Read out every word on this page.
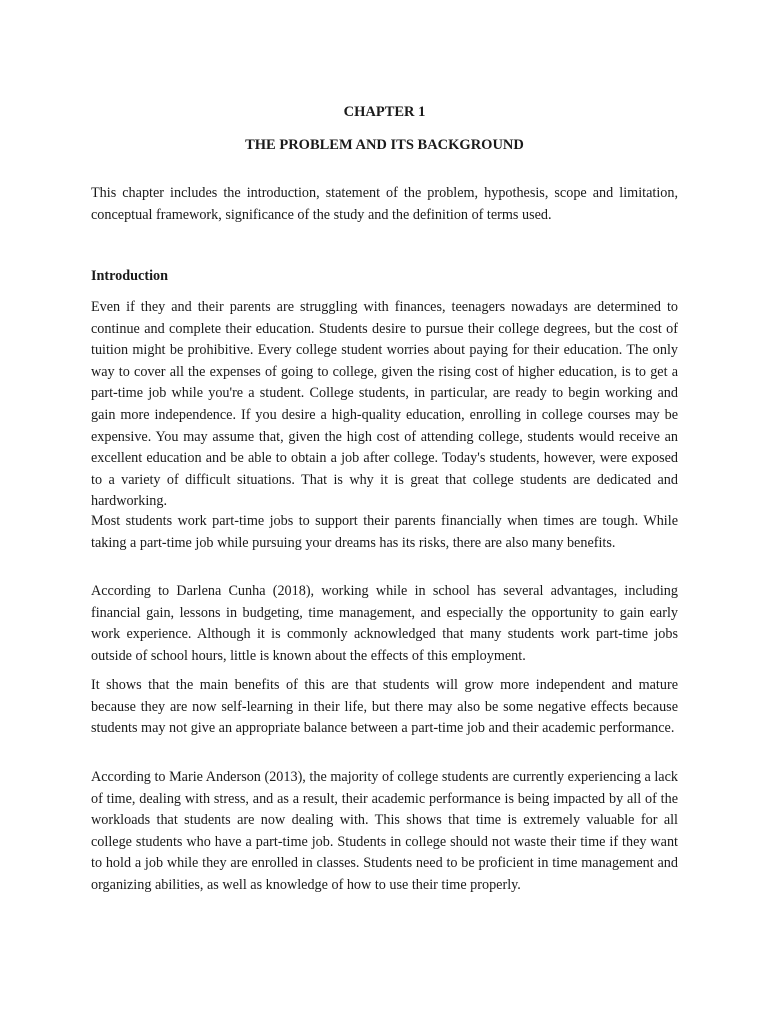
CHAPTER 1
THE PROBLEM AND ITS BACKGROUND

This chapter includes the introduction, statement of the problem, hypothesis, scope and limitation, conceptual framework, significance of the study and the definition of terms used.

Introduction

Even if they and their parents are struggling with finances, teenagers nowadays are determined to continue and complete their education. Students desire to pursue their college degrees, but the cost of tuition might be prohibitive. Every college student worries about paying for their education. The only way to cover all the expenses of going to college, given the rising cost of higher education, is to get a part-time job while you're a student. College students, in particular, are ready to begin working and gain more independence. If you desire a high-quality education, enrolling in college courses may be expensive. You may assume that, given the high cost of attending college, students would receive an excellent education and be able to obtain a job after college. Today's students, however, were exposed to a variety of difficult situations. That is why it is great that college students are dedicated and hardworking.

Most students work part-time jobs to support their parents financially when times are tough. While taking a part-time job while pursuing your dreams has its risks, there are also many benefits.

According to Darlena Cunha (2018), working while in school has several advantages, including financial gain, lessons in budgeting, time management, and especially the opportunity to gain early work experience. Although it is commonly acknowledged that many students work part-time jobs outside of school hours, little is known about the effects of this employment.

It shows that the main benefits of this are that students will grow more independent and mature because they are now self-learning in their life, but there may also be some negative effects because students may not give an appropriate balance between a part-time job and their academic performance.

According to Marie Anderson (2013), the majority of college students are currently experiencing a lack of time, dealing with stress, and as a result, their academic performance is being impacted by all of the workloads that students are now dealing with. This shows that time is extremely valuable for all college students who have a part-time job. Students in college should not waste their time if they want to hold a job while they are enrolled in classes. Students need to be proficient in time management and organizing abilities, as well as knowledge of how to use their time properly.
